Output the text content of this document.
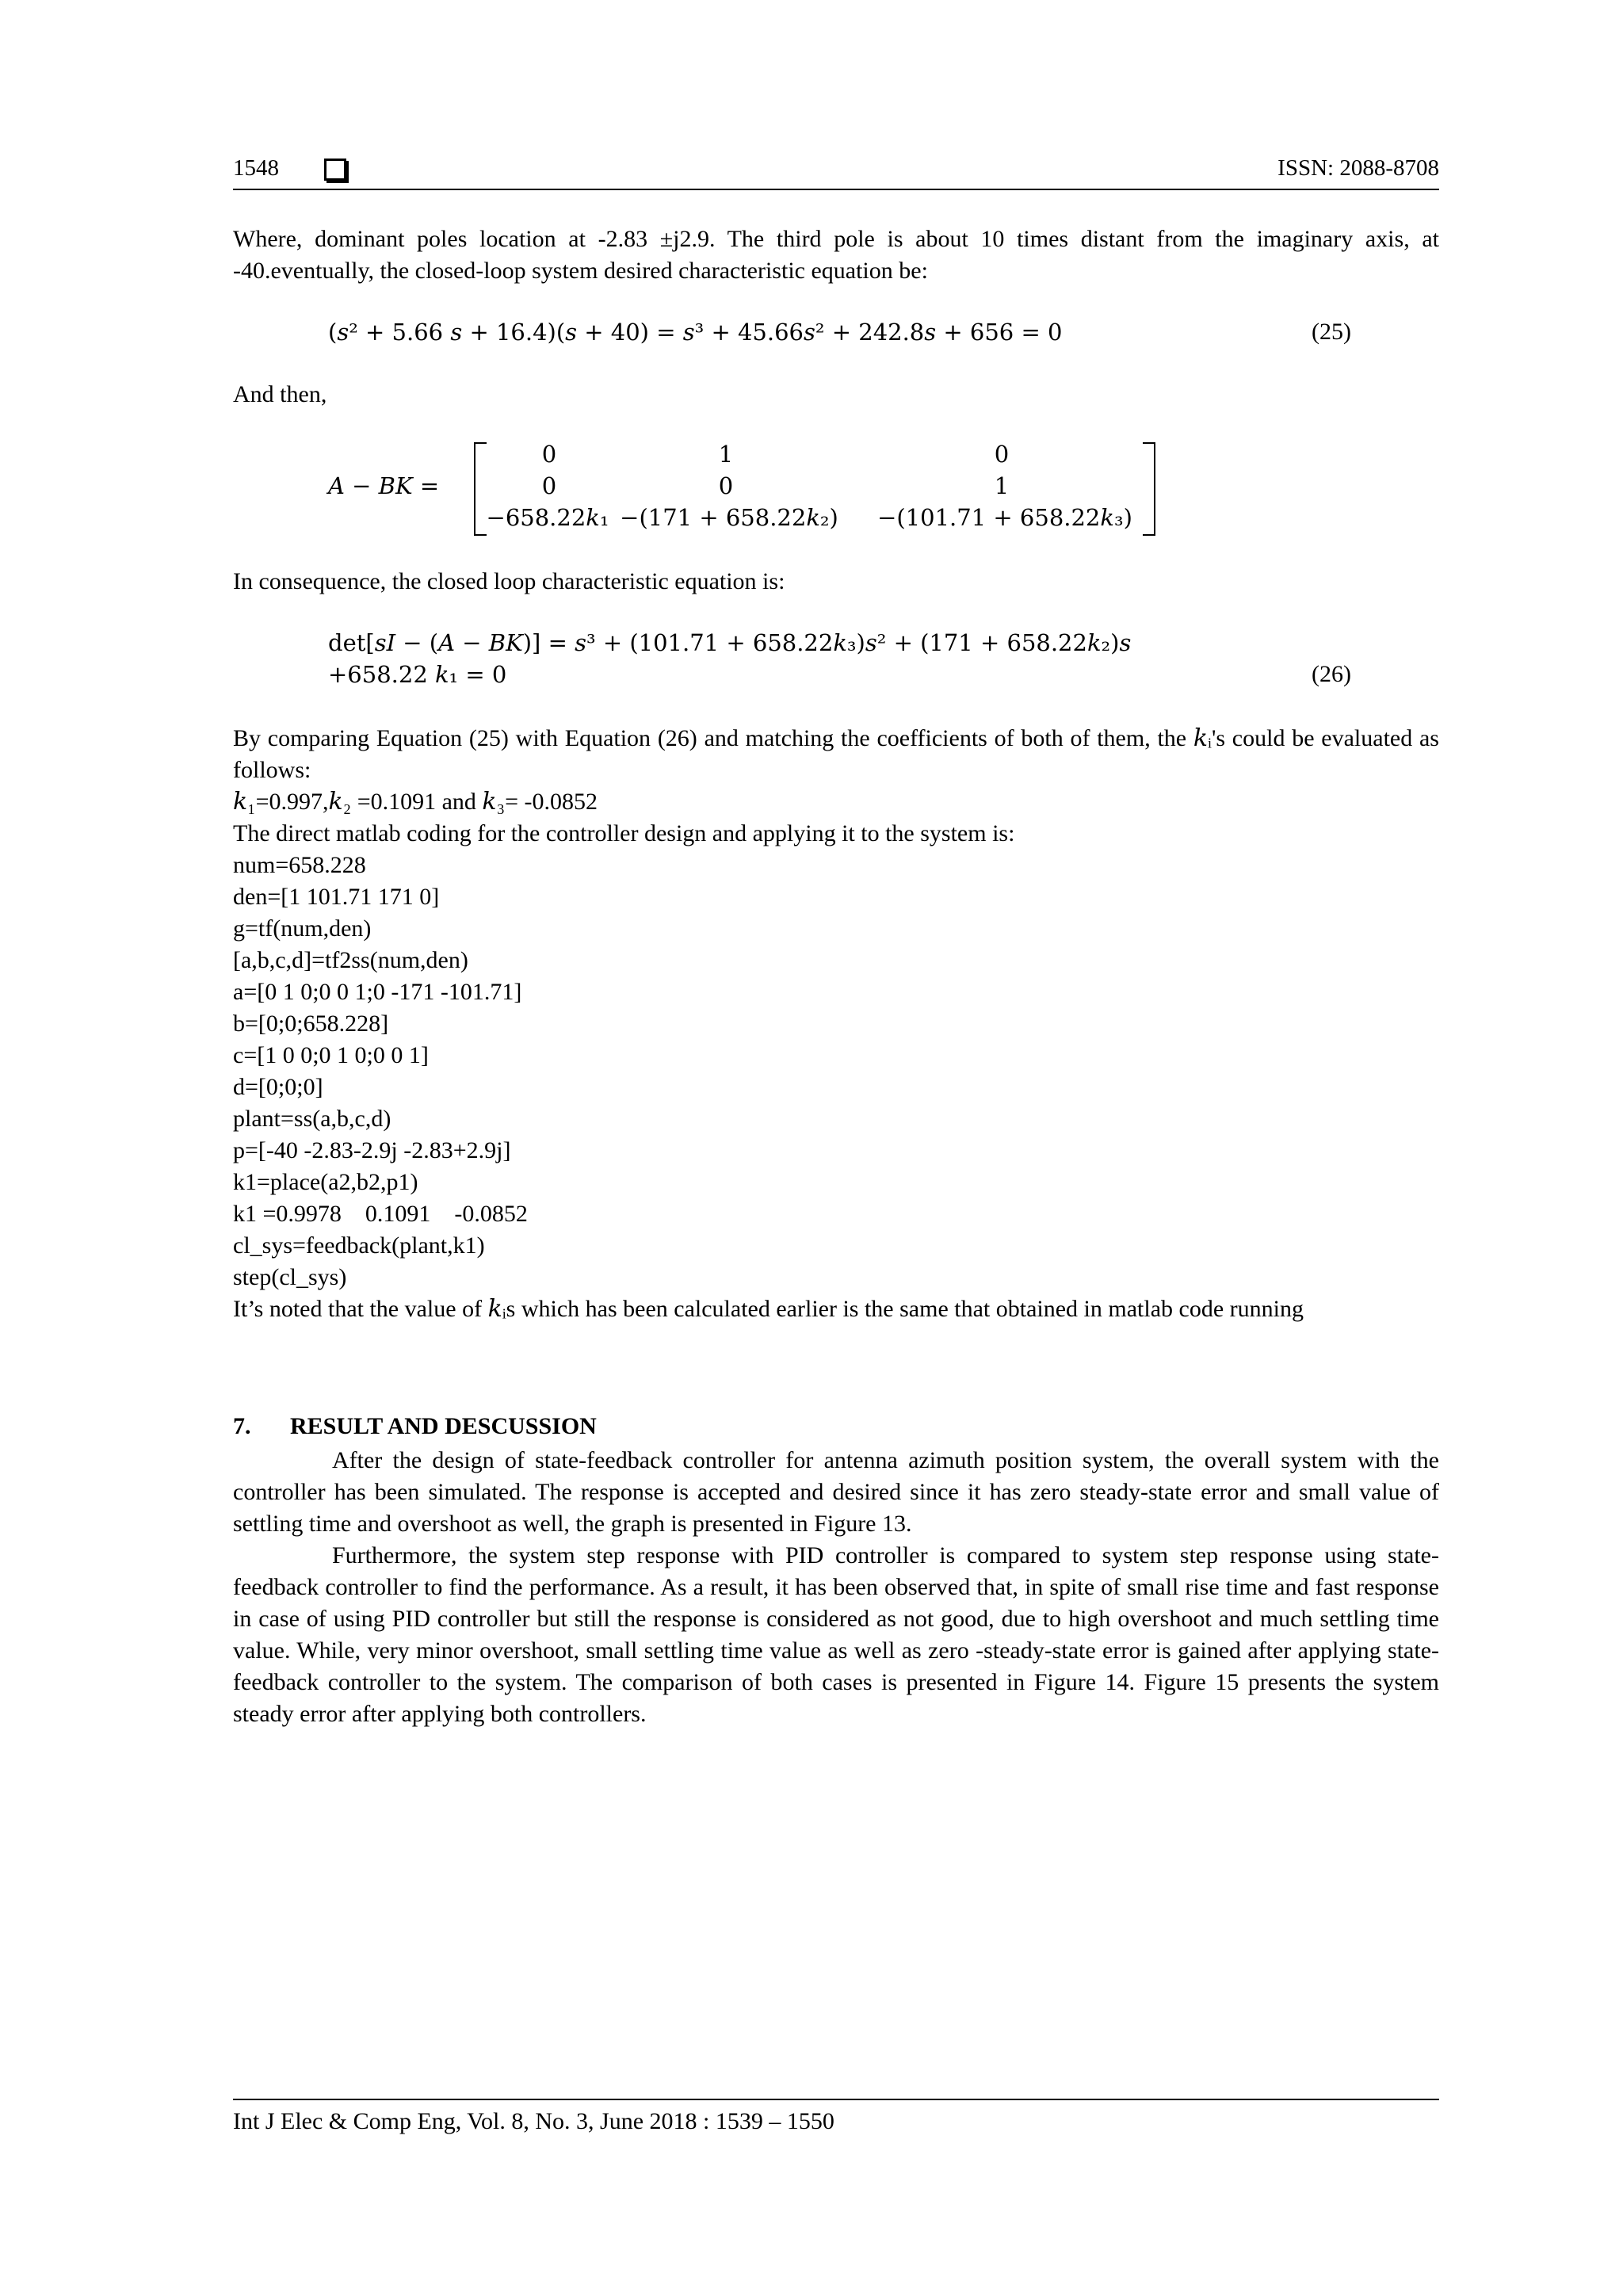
1548	ISSN: 2088-8708

Where, dominant poles location at -2.83 ±j2.9. The third pole is about 10 times distant from the imaginary axis, at -40.eventually, the closed-loop system desired characteristic equation be:

(𝑠² + 5.66 𝑠 + 16.4)(𝑠 + 40) = 𝑠³ + 45.66𝑠² + 242.8𝑠 + 656 = 0	(25)
And then,
𝐴 − 𝐵𝐾 =
0	1	0
0	0	1
−658.22𝑘₁ −(171 + 658.22𝑘₂)	−(101.71 + 658.22𝑘₃)
In consequence, the closed loop characteristic equation is:
det[𝑠𝐼 − (𝐴 − 𝐵𝐾)] = 𝑠³ + (101.71 + 658.22𝑘₃)𝑠² + (171 + 658.22𝑘₂)𝑠
+658.22 𝑘₁ = 0	(26)

By comparing Equation (25) with Equation (26) and matching the coefficients of both of them, the 𝑘ᵢ's could be evaluated as follows:

𝑘₁=0.997,𝑘₂ =0.1091 and 𝑘₃= -0.0852
The direct matlab coding for the controller design and applying it to the system is:
num=658.228
den=[1 101.71 171 0]
g=tf(num,den)
[a,b,c,d]=tf2ss(num,den)
a=[0 1 0;0 0 1;0 -171 -101.71]
b=[0;0;658.228]
c=[1 0 0;0 1 0;0 0 1]
d=[0;0;0]
plant=ss(a,b,c,d)
p=[-40 -2.83-2.9j -2.83+2.9j]
k1=place(a2,b2,p1)
k1 =0.9978    0.1091    -0.0852
cl_sys=feedback(plant,k1)
step(cl_sys)

It’s noted that the value of 𝑘ᵢs which has been calculated earlier is the same that obtained in matlab code running

7. RESULT AND DESCUSSION

After the design of state-feedback controller for antenna azimuth position system, the overall system with the controller has been simulated. The response is accepted and desired since it has zero steady-state error and small value of settling time and overshoot as well, the graph is presented in Figure 13.

Furthermore, the system step response with PID controller is compared to system step response using state-feedback controller to find the performance. As a result, it has been observed that, in spite of small rise time and fast response in case of using PID controller but still the response is considered as not good, due to high overshoot and much settling time value. While, very minor overshoot, small settling time value as well as zero -steady-state error is gained after applying state-feedback controller to the system. The comparison of both cases is presented in Figure 14. Figure 15 presents the system steady error after applying both controllers.

Int J Elec & Comp Eng, Vol. 8, No. 3, June 2018 : 1539 – 1550
